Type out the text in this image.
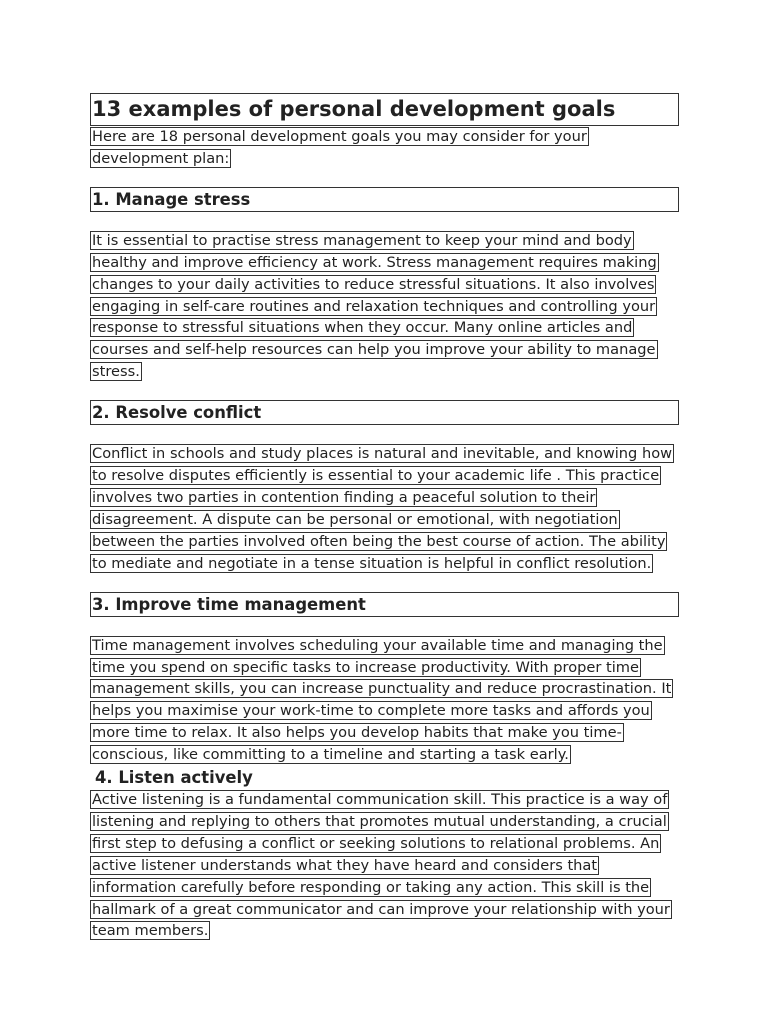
13 examples of personal development goals

Here are 18 personal development goals you may consider for your development plan:

1. Manage stress

It is essential to practise stress management to keep your mind and body healthy and improve efficiency at work. Stress management requires making changes to your daily activities to reduce stressful situations. It also involves engaging in self-care routines and relaxation techniques and controlling your response to stressful situations when they occur. Many online articles and courses and self-help resources can help you improve your ability to manage stress.

2. Resolve conflict

Conflict in schools and study places is natural and inevitable, and knowing how to resolve disputes efficiently is essential to your academic life . This practice involves two parties in contention finding a peaceful solution to their disagreement. A dispute can be personal or emotional, with negotiation between the parties involved often being the best course of action. The ability to mediate and negotiate in a tense situation is helpful in conflict resolution.

3. Improve time management

Time management involves scheduling your available time and managing the time you spend on specific tasks to increase productivity. With proper time management skills, you can increase punctuality and reduce procrastination. It helps you maximise your work-time to complete more tasks and affords you more time to relax. It also helps you develop habits that make you time-conscious, like committing to a timeline and starting a task early.

4. Listen actively

Active listening is a fundamental communication skill. This practice is a way of listening and replying to others that promotes mutual understanding, a crucial first step to defusing a conflict or seeking solutions to relational problems. An active listener understands what they have heard and considers that information carefully before responding or taking any action. This skill is the hallmark of a great communicator and can improve your relationship with your team members.
